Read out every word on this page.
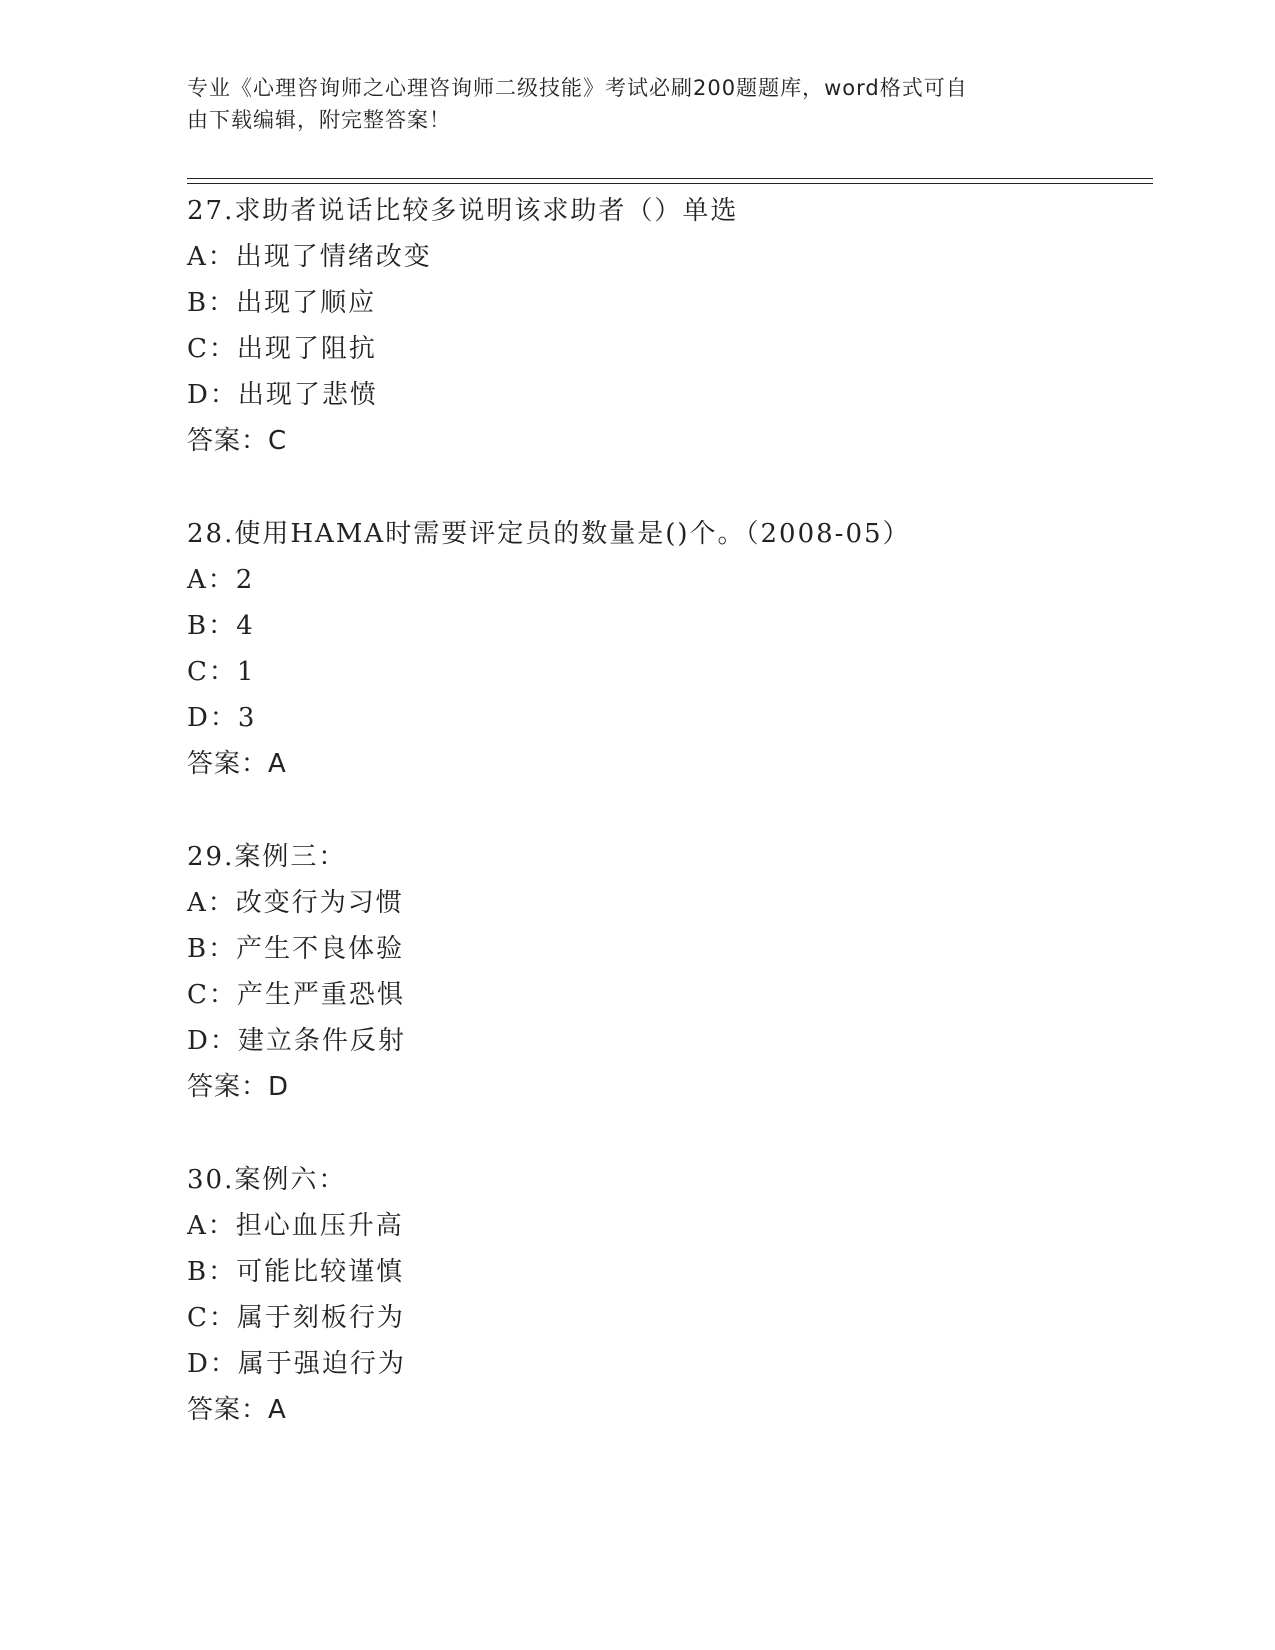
专业《心理咨询师之心理咨询师二级技能》考试必刷200题题库，word格式可自
由下载编辑，附完整答案！
27.求助者说话比较多说明该求助者（）单选
A：出现了情绪改变
B：出现了顺应
C：出现了阻抗
D：出现了悲愤
答案：C
28.使用HAMA时需要评定员的数量是()个。（2008-05）
A：2
B：4
C：1
D：3
答案：A
29.案例三：
A：改变行为习惯
B：产生不良体验
C：产生严重恐惧
D：建立条件反射
答案：D
30.案例六：
A：担心血压升高
B：可能比较谨慎
C：属于刻板行为
D：属于强迫行为
答案：A
